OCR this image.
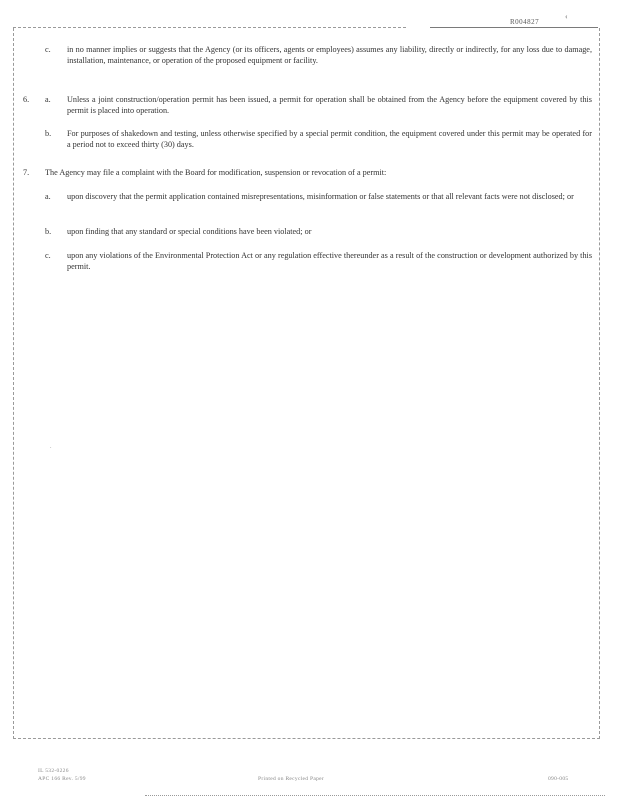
‹
R004827
c. in no manner implies or suggests that the Agency (or its officers, agents or employees) assumes any liability, directly or indirectly, for any loss due to damage, installation, maintenance, or operation of the proposed equipment or facility.
6. a. Unless a joint construction/operation permit has been issued, a permit for operation shall be obtained from the Agency before the equipment covered by this permit is placed into operation.
b. For purposes of shakedown and testing, unless otherwise specified by a special permit condition, the equipment covered under this permit may be operated for a period not to exceed thirty (30) days.
7. The Agency may file a complaint with the Board for modification, suspension or revocation of a permit:
a. upon discovery that the permit application contained misrepresentations, misinformation or false statements or that all relevant facts were not disclosed; or
b. upon finding that any standard or special conditions have been violated; or
c. upon any violations of the Environmental Protection Act or any regulation effective thereunder as a result of the construction or development authorized by this permit.
.
IL 532-0226
APC 166 Rev. 5/99	Printed on Recycled Paper	090-005
